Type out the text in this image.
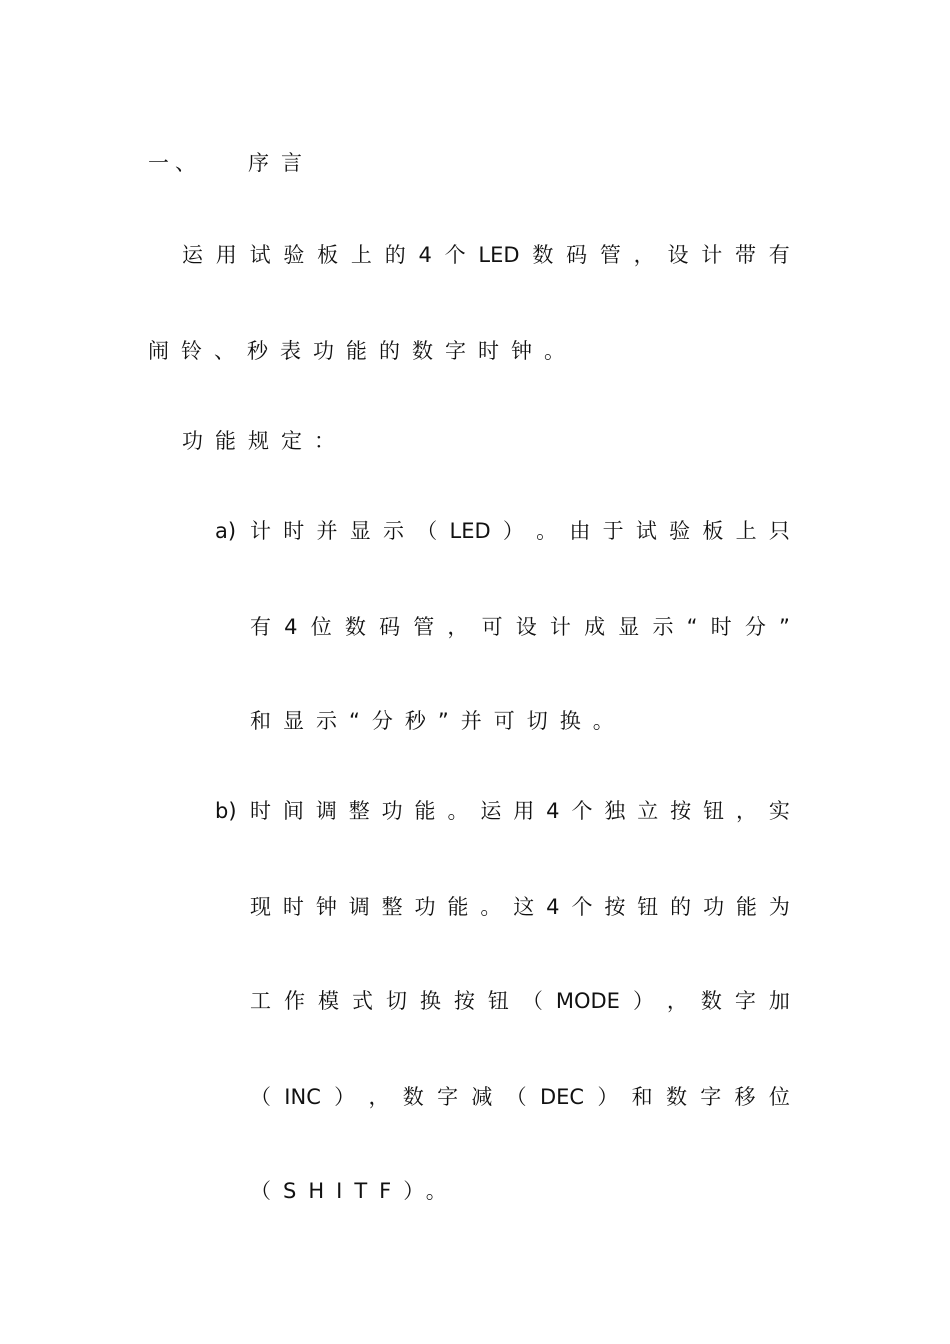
一、 序言
运 用 试 验 板 上 的 4 个 LED 数 码 管 ， 设 计 带 有
闹铃、秒表功能的数字时钟。
功能规定：
a) 计 时 并 显 示 （ LED ） 。 由 于 试 验 板 上 只
有 4 位 数 码 管 ， 可 设 计 成 显 示 “ 时 分 ”
和显示“分秒”并可切换。
b) 时 间 调 整 功 能 。 运 用 4 个 独 立 按 钮 ， 实
现 时 钟 调 整 功 能 。 这 4 个 按 钮 的 功 能 为
工 作 模 式 切 换 按 钮 （ MODE ） ， 数 字 加
（ INC ） ， 数 字 减 （ DEC ） 和 数 字 移 位
（SHITF）。
